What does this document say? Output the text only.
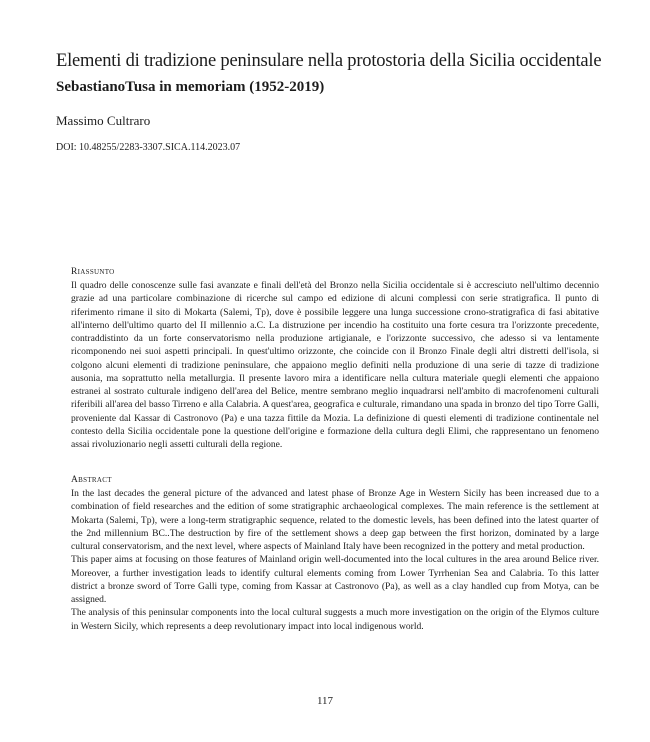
Elementi di tradizione peninsulare nella protostoria della Sicilia occidentale
SebastianoTusa in memoriam (1952-2019)
Massimo Cultraro
DOI: 10.48255/2283-3307.SICA.114.2023.07
Riassunto

Il quadro delle conoscenze sulle fasi avanzate e finali dell'età del Bronzo nella Sicilia occidentale si è accresciuto nell'ultimo decennio grazie ad una particolare combinazione di ricerche sul campo ed edizione di alcuni complessi con serie stratigrafica. Il punto di riferimento rimane il sito di Mokarta (Salemi, Tp), dove è possibile leggere una lunga successione crono-stratigrafica di fasi abitative all'interno dell'ultimo quarto del II millennio a.C. La distruzione per incendio ha costituito una forte cesura tra l'orizzonte precedente, contraddistinto da un forte conservatorismo nella produzione artigianale, e l'orizzonte successivo, che adesso si va lentamente ricomponendo nei suoi aspetti principali. In quest'ultimo orizzonte, che coincide con il Bronzo Finale degli altri distretti dell'isola, si colgono alcuni elementi di tradizione peninsulare, che appaiono meglio definiti nella produzione di una serie di tazze di tradizione ausonia, ma soprattutto nella metallurgia. Il presente lavoro mira a identificare nella cultura materiale quegli elementi che appaiono estranei al sostrato culturale indigeno dell'area del Belice, mentre sembrano meglio inquadrarsi nell'ambito di macrofenomeni culturali riferibili all'area del basso Tirreno e alla Calabria. A quest'area, geografica e culturale, rimandano una spada in bronzo del tipo Torre Galli, proveniente dal Kassar di Castronovo (Pa) e una tazza fittile da Mozia. La definizione di questi elementi di tradizione continentale nel contesto della Sicilia occidentale pone la questione dell'origine e formazione della cultura degli Elimi, che rappresentano un fenomeno assai rivoluzionario negli assetti culturali della regione.

Abstract

In the last decades the general picture of the advanced and latest phase of Bronze Age in Western Sicily has been increased due to a combination of field researches and the edition of some stratigraphic archaeological complexes. The main reference is the settlement at Mokarta (Salemi, Tp), were a long-term stratigraphic sequence, related to the domestic levels, has been defined into the latest quarter of the 2nd millennium BC..The destruction by fire of the settlement shows a deep gap between the first horizon, dominated by a large cultural conservatorism, and the next level, where aspects of Mainland Italy have been recognized in the pottery and metal production.

This paper aims at focusing on those features of Mainland origin well-documented into the local cultures in the area around Belice river. Moreover, a further investigation leads to identify cultural elements coming from Lower Tyrrhenian Sea and Calabria. To this latter district a bronze sword of Torre Galli type, coming from Kassar at Castronovo (Pa), as well as a clay handled cup from Motya, can be assigned.

The analysis of this peninsular components into the local cultural suggests a much more investigation on the origin of the Elymos culture in Western Sicily, which represents a deep revolutionary impact into local indigenous world.

117
